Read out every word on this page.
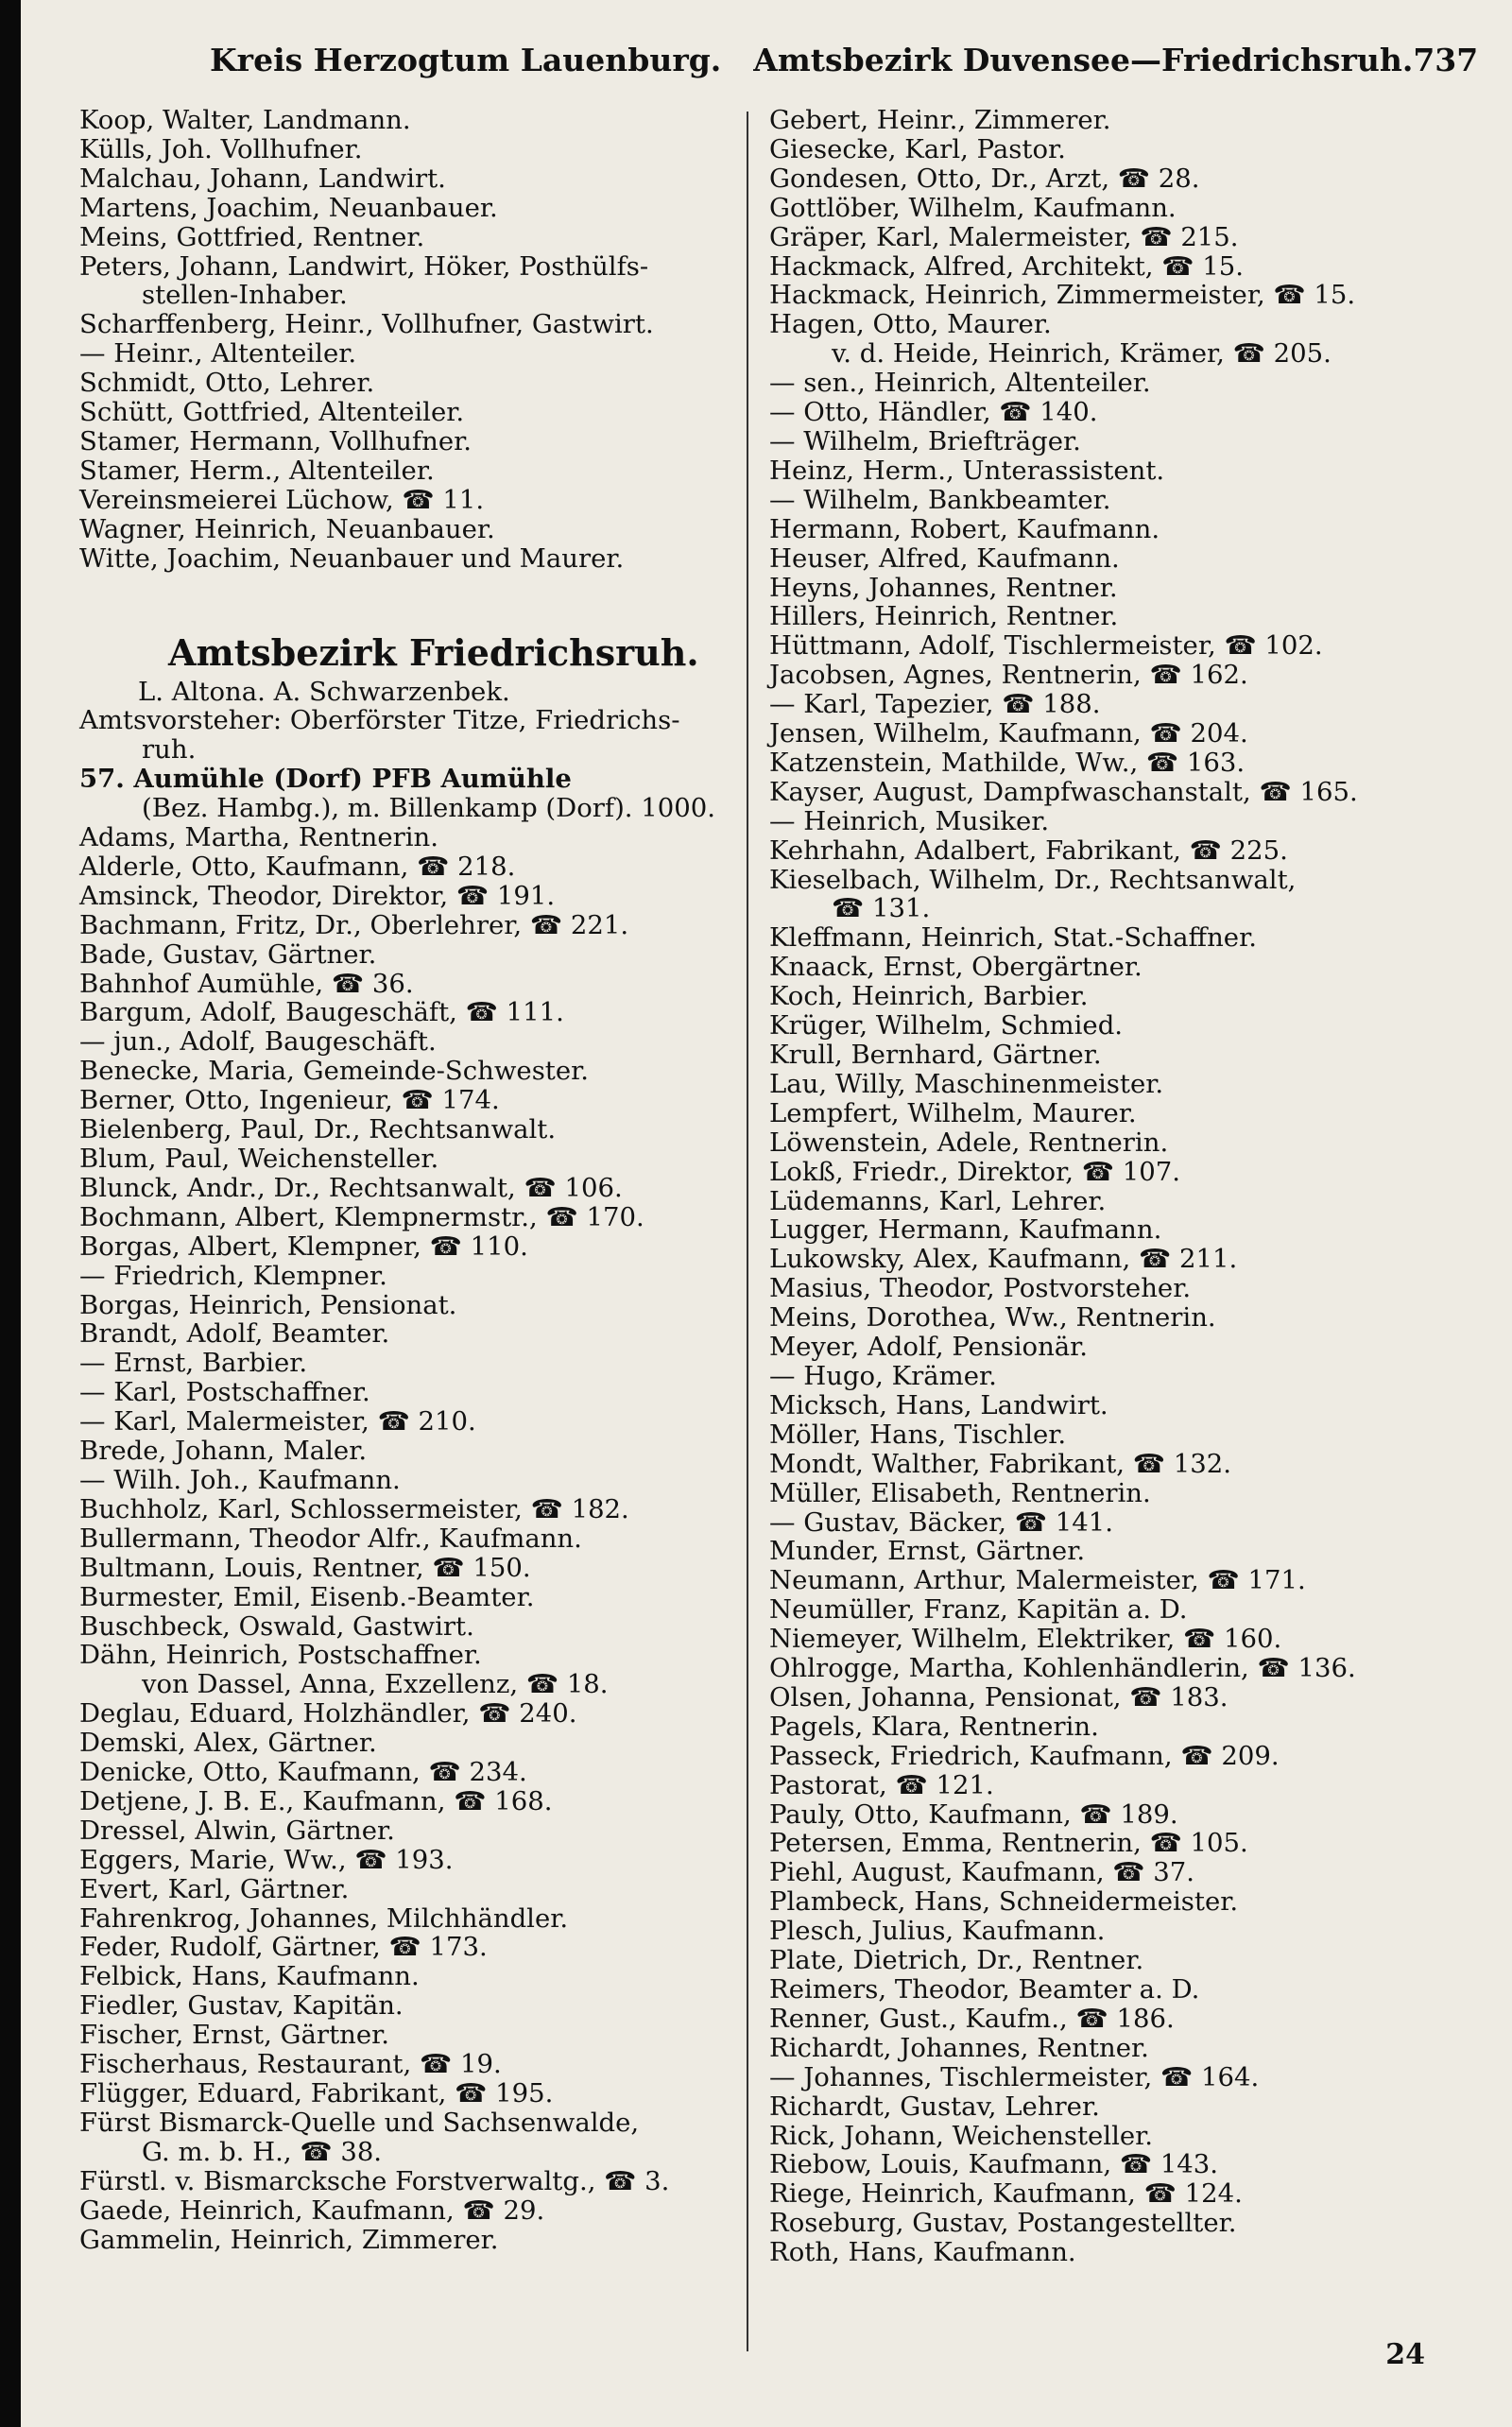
Kreis Herzogtum Lauenburg. Amtsbezirk Duvensee—Friedrichsruh. 737
Koop, Walter, Landmann.
Külls, Joh. Vollhufner.
Malchau, Johann, Landwirt.
Martens, Joachim, Neuanbauer.
Meins, Gottfried, Rentner.
Peters, Johann, Landwirt, Höker, Posthülfs-
stellen-Inhaber.
Scharffenberg, Heinr., Vollhufner, Gastwirt.
— Heinr., Altenteiler.
Schmidt, Otto, Lehrer.
Schütt, Gottfried, Altenteiler.
Stamer, Hermann, Vollhufner.
Stamer, Herm., Altenteiler.
Vereinsmeierei Lüchow, ☎ 11.
Wagner, Heinrich, Neuanbauer.
Witte, Joachim, Neuanbauer und Maurer.
Amtsbezirk Friedrichsruh.
L. Altona. A. Schwarzenbek.
Amtsvorsteher: Oberförster Titze, Friedrichs-
ruh.
57. Aumühle (Dorf) PFB Aumühle
(Bez. Hambg.), m. Billenkamp (Dorf). 1000.
Adams, Martha, Rentnerin.
Alderle, Otto, Kaufmann, ☎ 218.
Amsinck, Theodor, Direktor, ☎ 191.
Bachmann, Fritz, Dr., Oberlehrer, ☎ 221.
Bade, Gustav, Gärtner.
Bahnhof Aumühle, ☎ 36.
Bargum, Adolf, Baugeschäft, ☎ 111.
— jun., Adolf, Baugeschäft.
Benecke, Maria, Gemeinde-Schwester.
Berner, Otto, Ingenieur, ☎ 174.
Bielenberg, Paul, Dr., Rechtsanwalt.
Blum, Paul, Weichensteller.
Blunck, Andr., Dr., Rechtsanwalt, ☎ 106.
Bochmann, Albert, Klempnermstr., ☎ 170.
Borgas, Albert, Klempner, ☎ 110.
— Friedrich, Klempner.
Borgas, Heinrich, Pensionat.
Brandt, Adolf, Beamter.
— Ernst, Barbier.
— Karl, Postschaffner.
— Karl, Malermeister, ☎ 210.
Brede, Johann, Maler.
— Wilh. Joh., Kaufmann.
Buchholz, Karl, Schlossermeister, ☎ 182.
Bullermann, Theodor Alfr., Kaufmann.
Bultmann, Louis, Rentner, ☎ 150.
Burmester, Emil, Eisenb.-Beamter.
Buschbeck, Oswald, Gastwirt.
Dähn, Heinrich, Postschaffner.
von Dassel, Anna, Exzellenz, ☎ 18.
Deglau, Eduard, Holzhändler, ☎ 240.
Demski, Alex, Gärtner.
Denicke, Otto, Kaufmann, ☎ 234.
Detjene, J. B. E., Kaufmann, ☎ 168.
Dressel, Alwin, Gärtner.
Eggers, Marie, Ww., ☎ 193.
Evert, Karl, Gärtner.
Fahrenkrog, Johannes, Milchhändler.
Feder, Rudolf, Gärtner, ☎ 173.
Felbick, Hans, Kaufmann.
Fiedler, Gustav, Kapitän.
Fischer, Ernst, Gärtner.
Fischerhaus, Restaurant, ☎ 19.
Flügger, Eduard, Fabrikant, ☎ 195.
Fürst Bismarck-Quelle und Sachsenwalde,
G. m. b. H., ☎ 38.
Fürstl. v. Bismarcksche Forstverwaltg., ☎ 3.
Gaede, Heinrich, Kaufmann, ☎ 29.
Gammelin, Heinrich, Zimmerer.
Gebert, Heinr., Zimmerer.
Giesecke, Karl, Pastor.
Gondesen, Otto, Dr., Arzt, ☎ 28.
Gottlöber, Wilhelm, Kaufmann.
Gräper, Karl, Malermeister, ☎ 215.
Hackmack, Alfred, Architekt, ☎ 15.
Hackmack, Heinrich, Zimmermeister, ☎ 15.
Hagen, Otto, Maurer.
v. d. Heide, Heinrich, Krämer, ☎ 205.
— sen., Heinrich, Altenteiler.
— Otto, Händler, ☎ 140.
— Wilhelm, Briefträger.
Heinz, Herm., Unterassistent.
— Wilhelm, Bankbeamter.
Hermann, Robert, Kaufmann.
Heuser, Alfred, Kaufmann.
Heyns, Johannes, Rentner.
Hillers, Heinrich, Rentner.
Hüttmann, Adolf, Tischlermeister, ☎ 102.
Jacobsen, Agnes, Rentnerin, ☎ 162.
— Karl, Tapezier, ☎ 188.
Jensen, Wilhelm, Kaufmann, ☎ 204.
Katzenstein, Mathilde, Ww., ☎ 163.
Kayser, August, Dampfwaschanstalt, ☎ 165.
— Heinrich, Musiker.
Kehrhahn, Adalbert, Fabrikant, ☎ 225.
Kieselbach, Wilhelm, Dr., Rechtsanwalt,
☎ 131.
Kleffmann, Heinrich, Stat.-Schaffner.
Knaack, Ernst, Obergärtner.
Koch, Heinrich, Barbier.
Krüger, Wilhelm, Schmied.
Krull, Bernhard, Gärtner.
Lau, Willy, Maschinenmeister.
Lempfert, Wilhelm, Maurer.
Löwenstein, Adele, Rentnerin.
Lokß, Friedr., Direktor, ☎ 107.
Lüdemanns, Karl, Lehrer.
Lugger, Hermann, Kaufmann.
Lukowsky, Alex, Kaufmann, ☎ 211.
Masius, Theodor, Postvorsteher.
Meins, Dorothea, Ww., Rentnerin.
Meyer, Adolf, Pensionär.
— Hugo, Krämer.
Micksch, Hans, Landwirt.
Möller, Hans, Tischler.
Mondt, Walther, Fabrikant, ☎ 132.
Müller, Elisabeth, Rentnerin.
— Gustav, Bäcker, ☎ 141.
Munder, Ernst, Gärtner.
Neumann, Arthur, Malermeister, ☎ 171.
Neumüller, Franz, Kapitän a. D.
Niemeyer, Wilhelm, Elektriker, ☎ 160.
Ohlrogge, Martha, Kohlenhändlerin, ☎ 136.
Olsen, Johanna, Pensionat, ☎ 183.
Pagels, Klara, Rentnerin.
Passeck, Friedrich, Kaufmann, ☎ 209.
Pastorat, ☎ 121.
Pauly, Otto, Kaufmann, ☎ 189.
Petersen, Emma, Rentnerin, ☎ 105.
Piehl, August, Kaufmann, ☎ 37.
Plambeck, Hans, Schneidermeister.
Plesch, Julius, Kaufmann.
Plate, Dietrich, Dr., Rentner.
Reimers, Theodor, Beamter a. D.
Renner, Gust., Kaufm., ☎ 186.
Richardt, Johannes, Rentner.
— Johannes, Tischlermeister, ☎ 164.
Richardt, Gustav, Lehrer.
Rick, Johann, Weichensteller.
Riebow, Louis, Kaufmann, ☎ 143.
Riege, Heinrich, Kaufmann, ☎ 124.
Roseburg, Gustav, Postangestellter.
Roth, Hans, Kaufmann.
24
